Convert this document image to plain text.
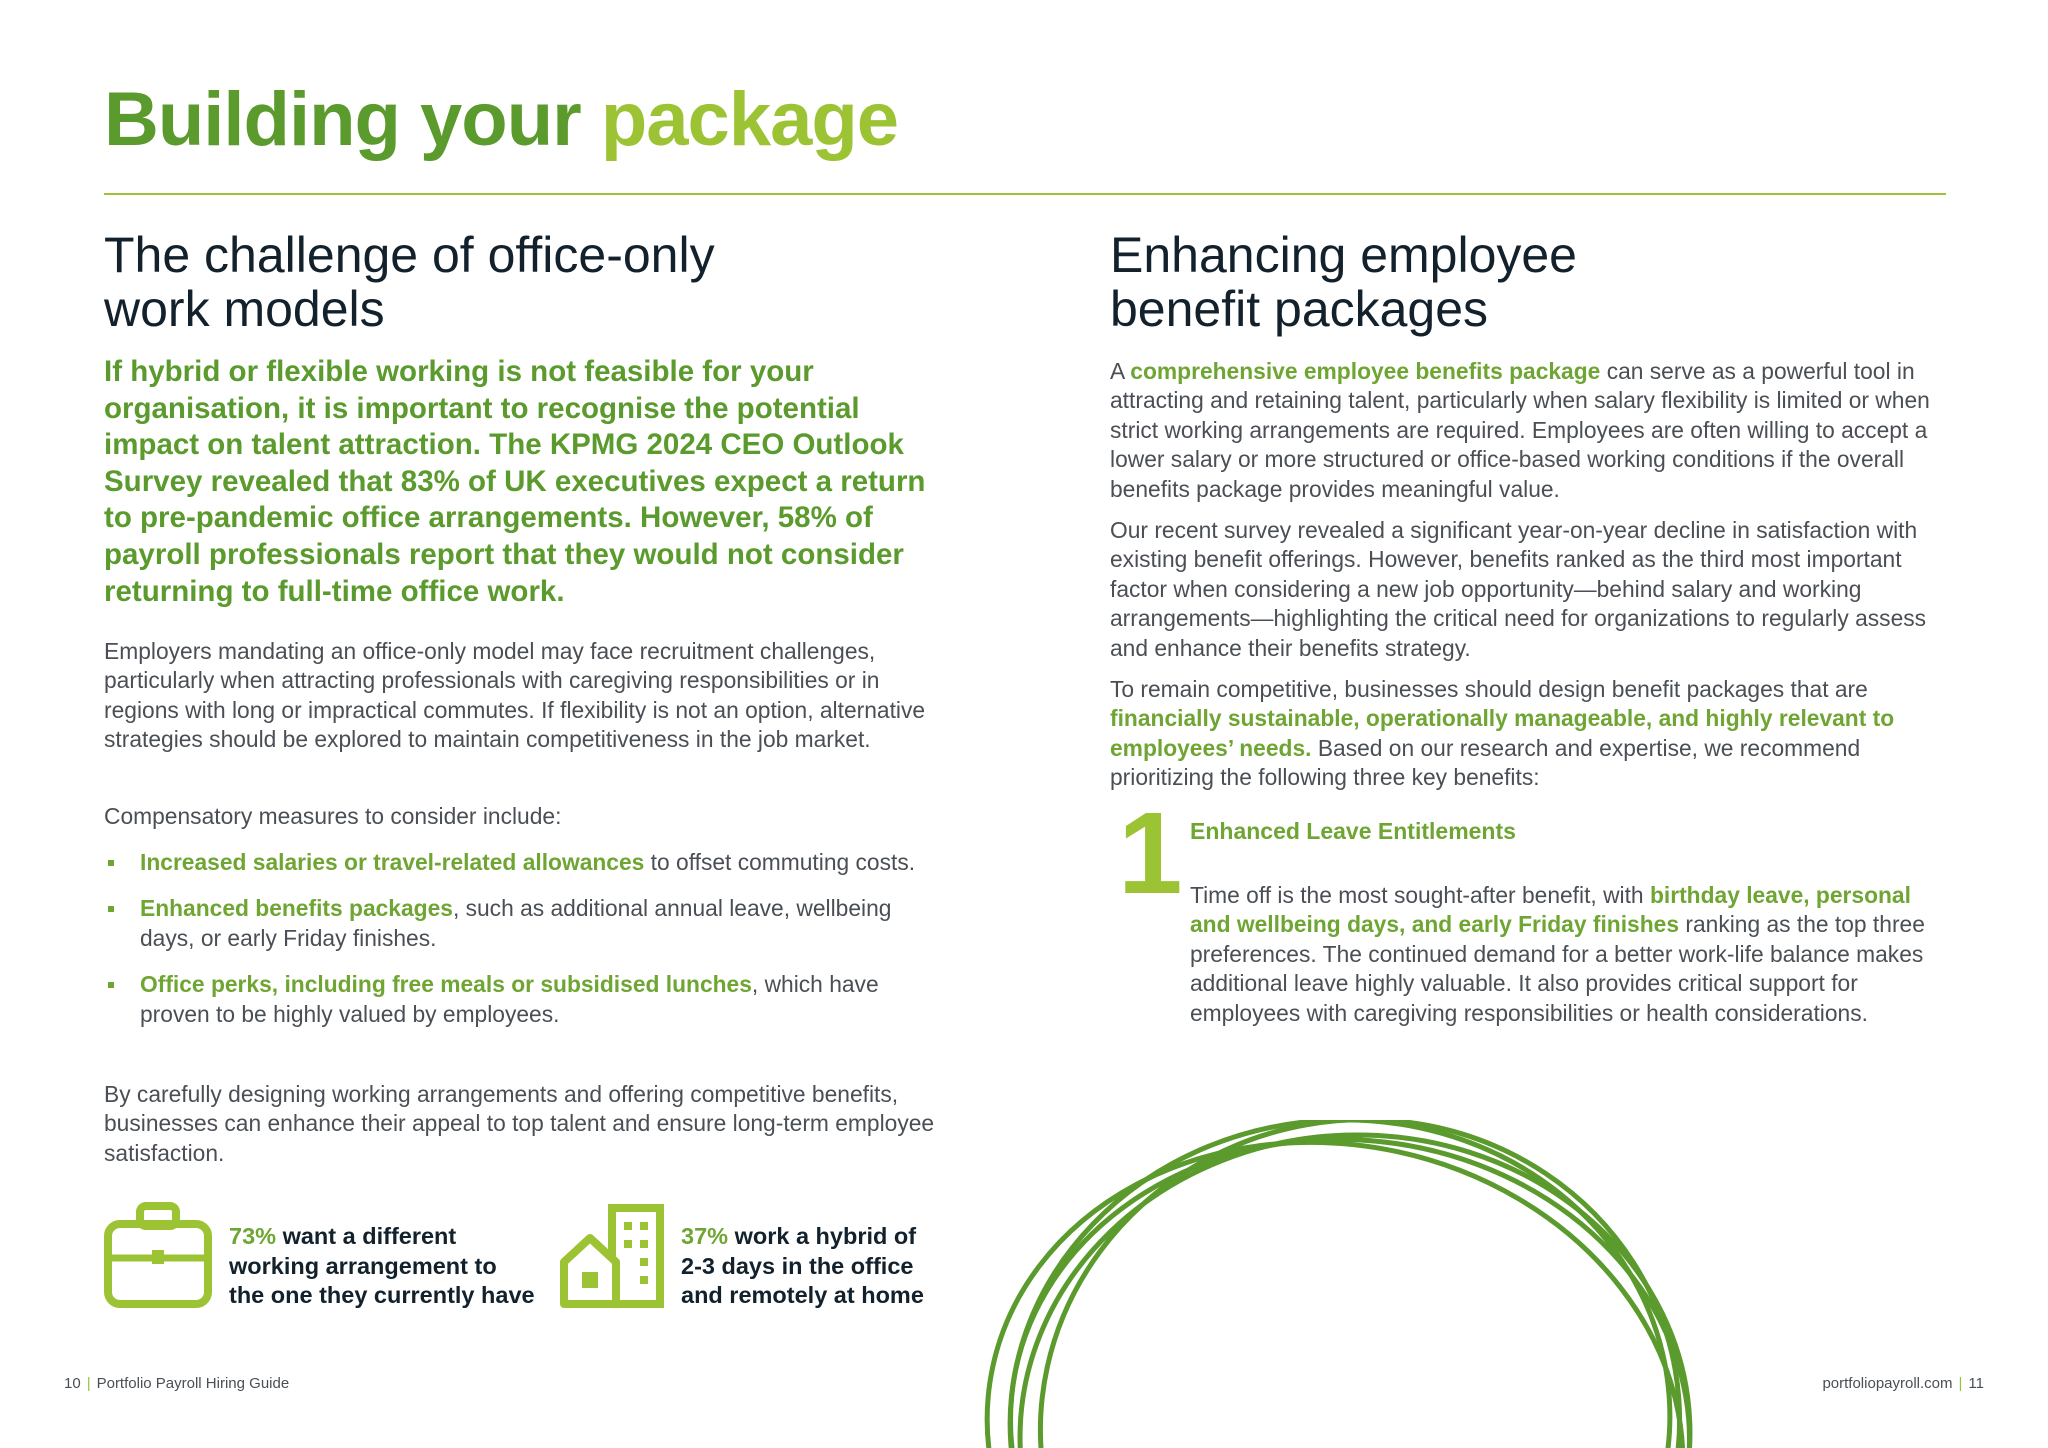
Building your package
The challenge of office-only
work models
If hybrid or flexible working is not feasible for your organisation, it is important to recognise the potential impact on talent attraction. The KPMG 2024 CEO Outlook Survey revealed that 83% of UK executives expect a return to pre-pandemic office arrangements. However, 58% of payroll professionals report that they would not consider returning to full-time office work.
Employers mandating an office-only model may face recruitment challenges, particularly when attracting professionals with caregiving responsibilities or in regions with long or impractical commutes. If flexibility is not an option, alternative strategies should be explored to maintain competitiveness in the job market.
Compensatory measures to consider include:
Increased salaries or travel-related allowances to offset commuting costs.
Enhanced benefits packages, such as additional annual leave, wellbeing days, or early Friday finishes.
Office perks, including free meals or subsidised lunches, which have proven to be highly valued by employees.
By carefully designing working arrangements and offering competitive benefits, businesses can enhance their appeal to top talent and ensure long-term employee satisfaction.
73% want a different
working arrangement to
the one they currently have
37% work a hybrid of
2-3 days in the office
and remotely at home
Enhancing employee
benefit packages
A comprehensive employee benefits package can serve as a powerful tool in attracting and retaining talent, particularly when salary flexibility is limited or when strict working arrangements are required. Employees are often willing to accept a lower salary or more structured or office-based working conditions if the overall benefits package provides meaningful value.
Our recent survey revealed a significant year-on-year decline in satisfaction with existing benefit offerings. However, benefits ranked as the third most important factor when considering a new job opportunity—behind salary and working arrangements—highlighting the critical need for organizations to regularly assess and enhance their benefits strategy.
To remain competitive, businesses should design benefit packages that are financially sustainable, operationally manageable, and highly relevant to employees’ needs. Based on our research and expertise, we recommend prioritizing the following three key benefits:
1 Enhanced Leave Entitlements
Time off is the most sought-after benefit, with birthday leave, personal and wellbeing days, and early Friday finishes ranking as the top three preferences. The continued demand for a better work-life balance makes additional leave highly valuable. It also provides critical support for employees with caregiving responsibilities or health considerations.
10 | Portfolio Payroll Hiring Guide	portfoliopayroll.com | 11
